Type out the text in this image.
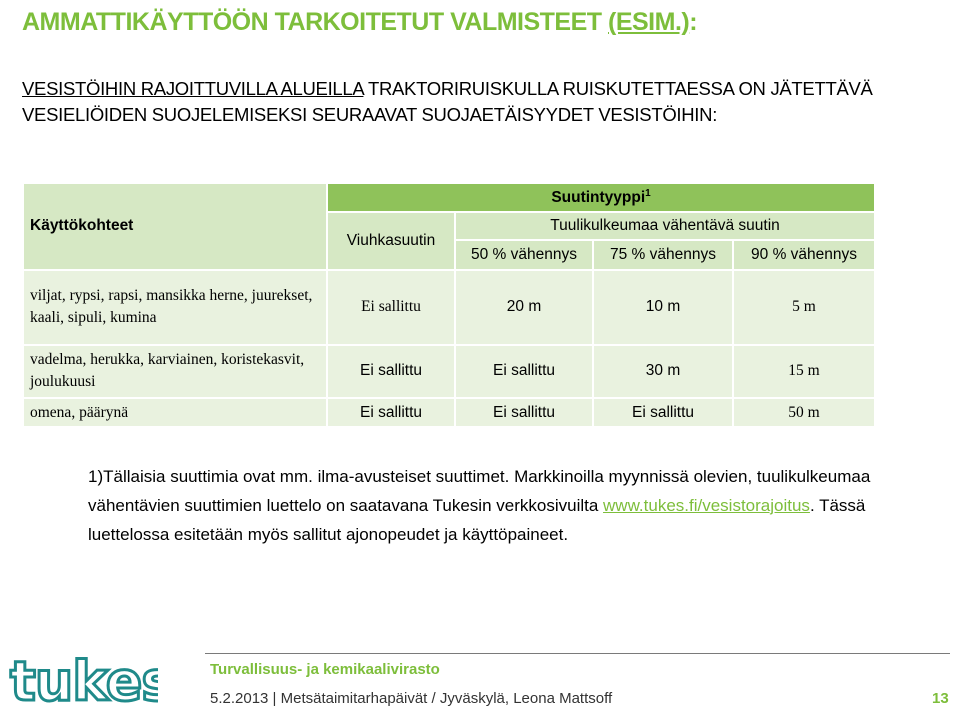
AMMATTIKÄYTTÖÖN TARKOITETUT VALMISTEET (ESIM.):
VESISTÖIHIN RAJOITTUVILLA ALUEILLA TRAKTORIRUISKULLA RUISKUTETTAESSA ON JÄTETTÄVÄ VESIELIÖIDEN SUOJELEMISEKSI SEURAAVAT SUOJAETÄISYYDET VESISTÖIHIN:
Käyttökohteet	Suutintyyppi$^1$
	Viuhkasuutin	Tuulikulkeumaa vähentävä suutin		
		50 % vähennys	75 % vähennys	90 % vähennys
viljat, rypsi, rapsi, mansikka herne, juurekset, kaali, sipuli, kumina	Ei sallittu	20 m	10 m	5 m
vadelma, herukka, karviainen, koristekasvit, joulukuusi	Ei sallittu	Ei sallittu	30 m	15 m
omena, päärynä	Ei sallittu	Ei sallittu	Ei sallittu	50 m
1)Tällaisia suuttimia ovat mm. ilma-avusteiset suuttimet. Markkinoilla myynnissä olevien, tuulikulkeumaa vähentävien suuttimien luettelo on saatavana Tukesin verkkosivuilta www.tukes.fi/vesistorajoitus. Tässä luettelossa esitetään myös sallitut ajonopeudet ja käyttöpaineet.
tukes	Turvallisuus- ja kemikaalivirasto
5.2.2013 | Metsätaimitarhapäivät / Jyväskylä, Leona Mattsoff	13
